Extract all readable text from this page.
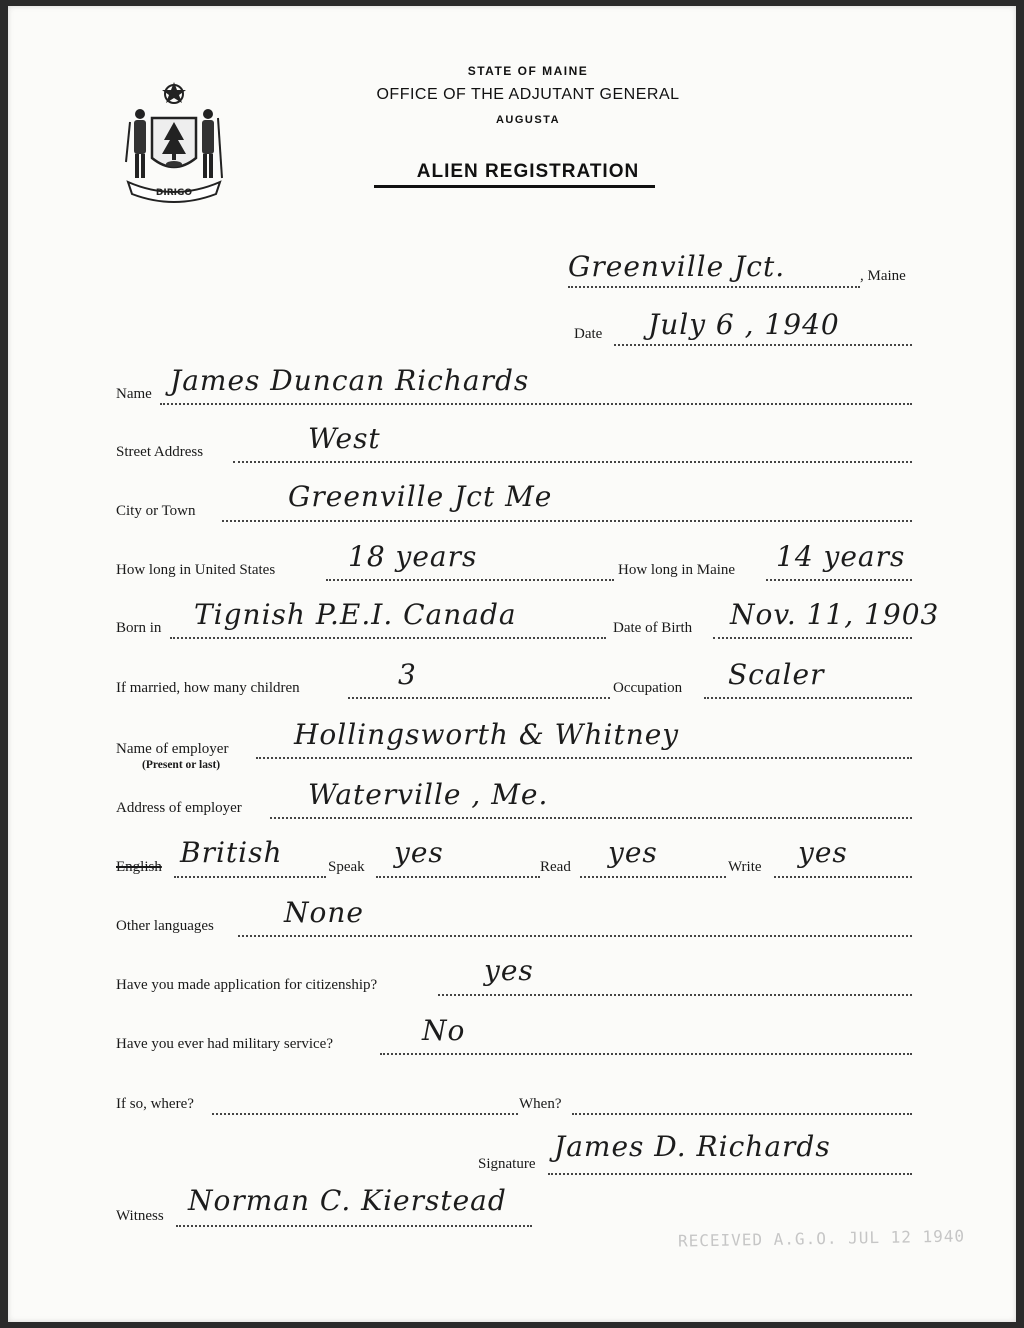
DIRIGO
STATE OF MAINE
OFFICE OF THE ADJUTANT GENERAL
AUGUSTA
ALIEN REGISTRATION
Greenville Jct.	, Maine
Date July 6 , 1940
Name James Duncan Richards
Street Address	West
City or Town	Greenville Jct Me
How long in United States	18 years	How long in Maine 14 years
Born in Tignish P.E.I. Canada	Date of Birth Nov. 11, 1903
If married, how many children	3	Occupation Scaler
Name of employer
(Present or last)
Hollingsworth & Whitney
Address of employer Waterville , Me.
English British	Speak yes	Read yes	Write yes
Other languages	None
Have you made application for citizenship?	yes
Have you ever had military service?	No
If so, where?	When?
Signature
James D. Richards
Witness Norman C. Kierstead
RECEIVED A.G.O. JUL 12 1940
